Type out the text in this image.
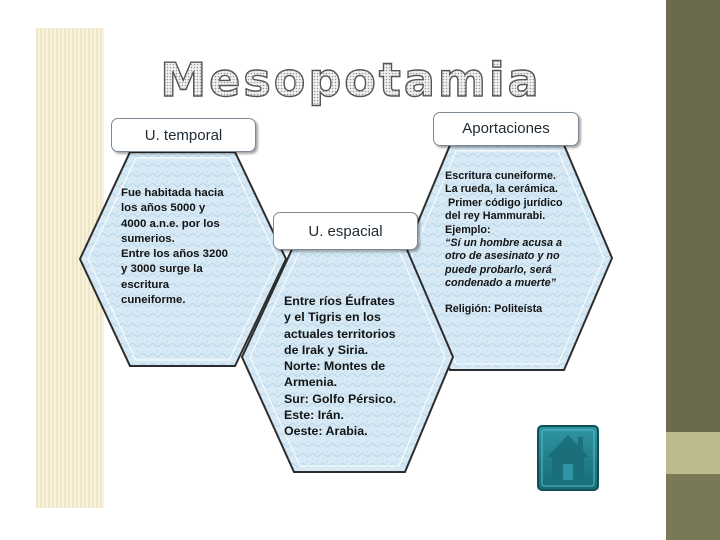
Mesopotamia
U. temporal
U. espacial
Aportaciones
Fue habitada hacia
los años 5000 y
4000 a.n.e. por los
sumerios.
Entre los años 3200
y 3000 surge la
escritura
cuneiforme.	Entre ríos Éufrates
y el Tigris en los
actuales territorios
de Irak y Siria.
Norte: Montes de
Armenia.
Sur: Golfo Pérsico.
Este: Irán.
Oeste: Arabia.
Escritura cuneiforme.
La rueda, la cerámica.
Primer código jurídico
del rey Hammurabi.
Ejemplo:
“Sí un hombre acusa a
otro de asesinato y no
puede probarlo, será
condenado a muerte”
Religión: Politeísta
